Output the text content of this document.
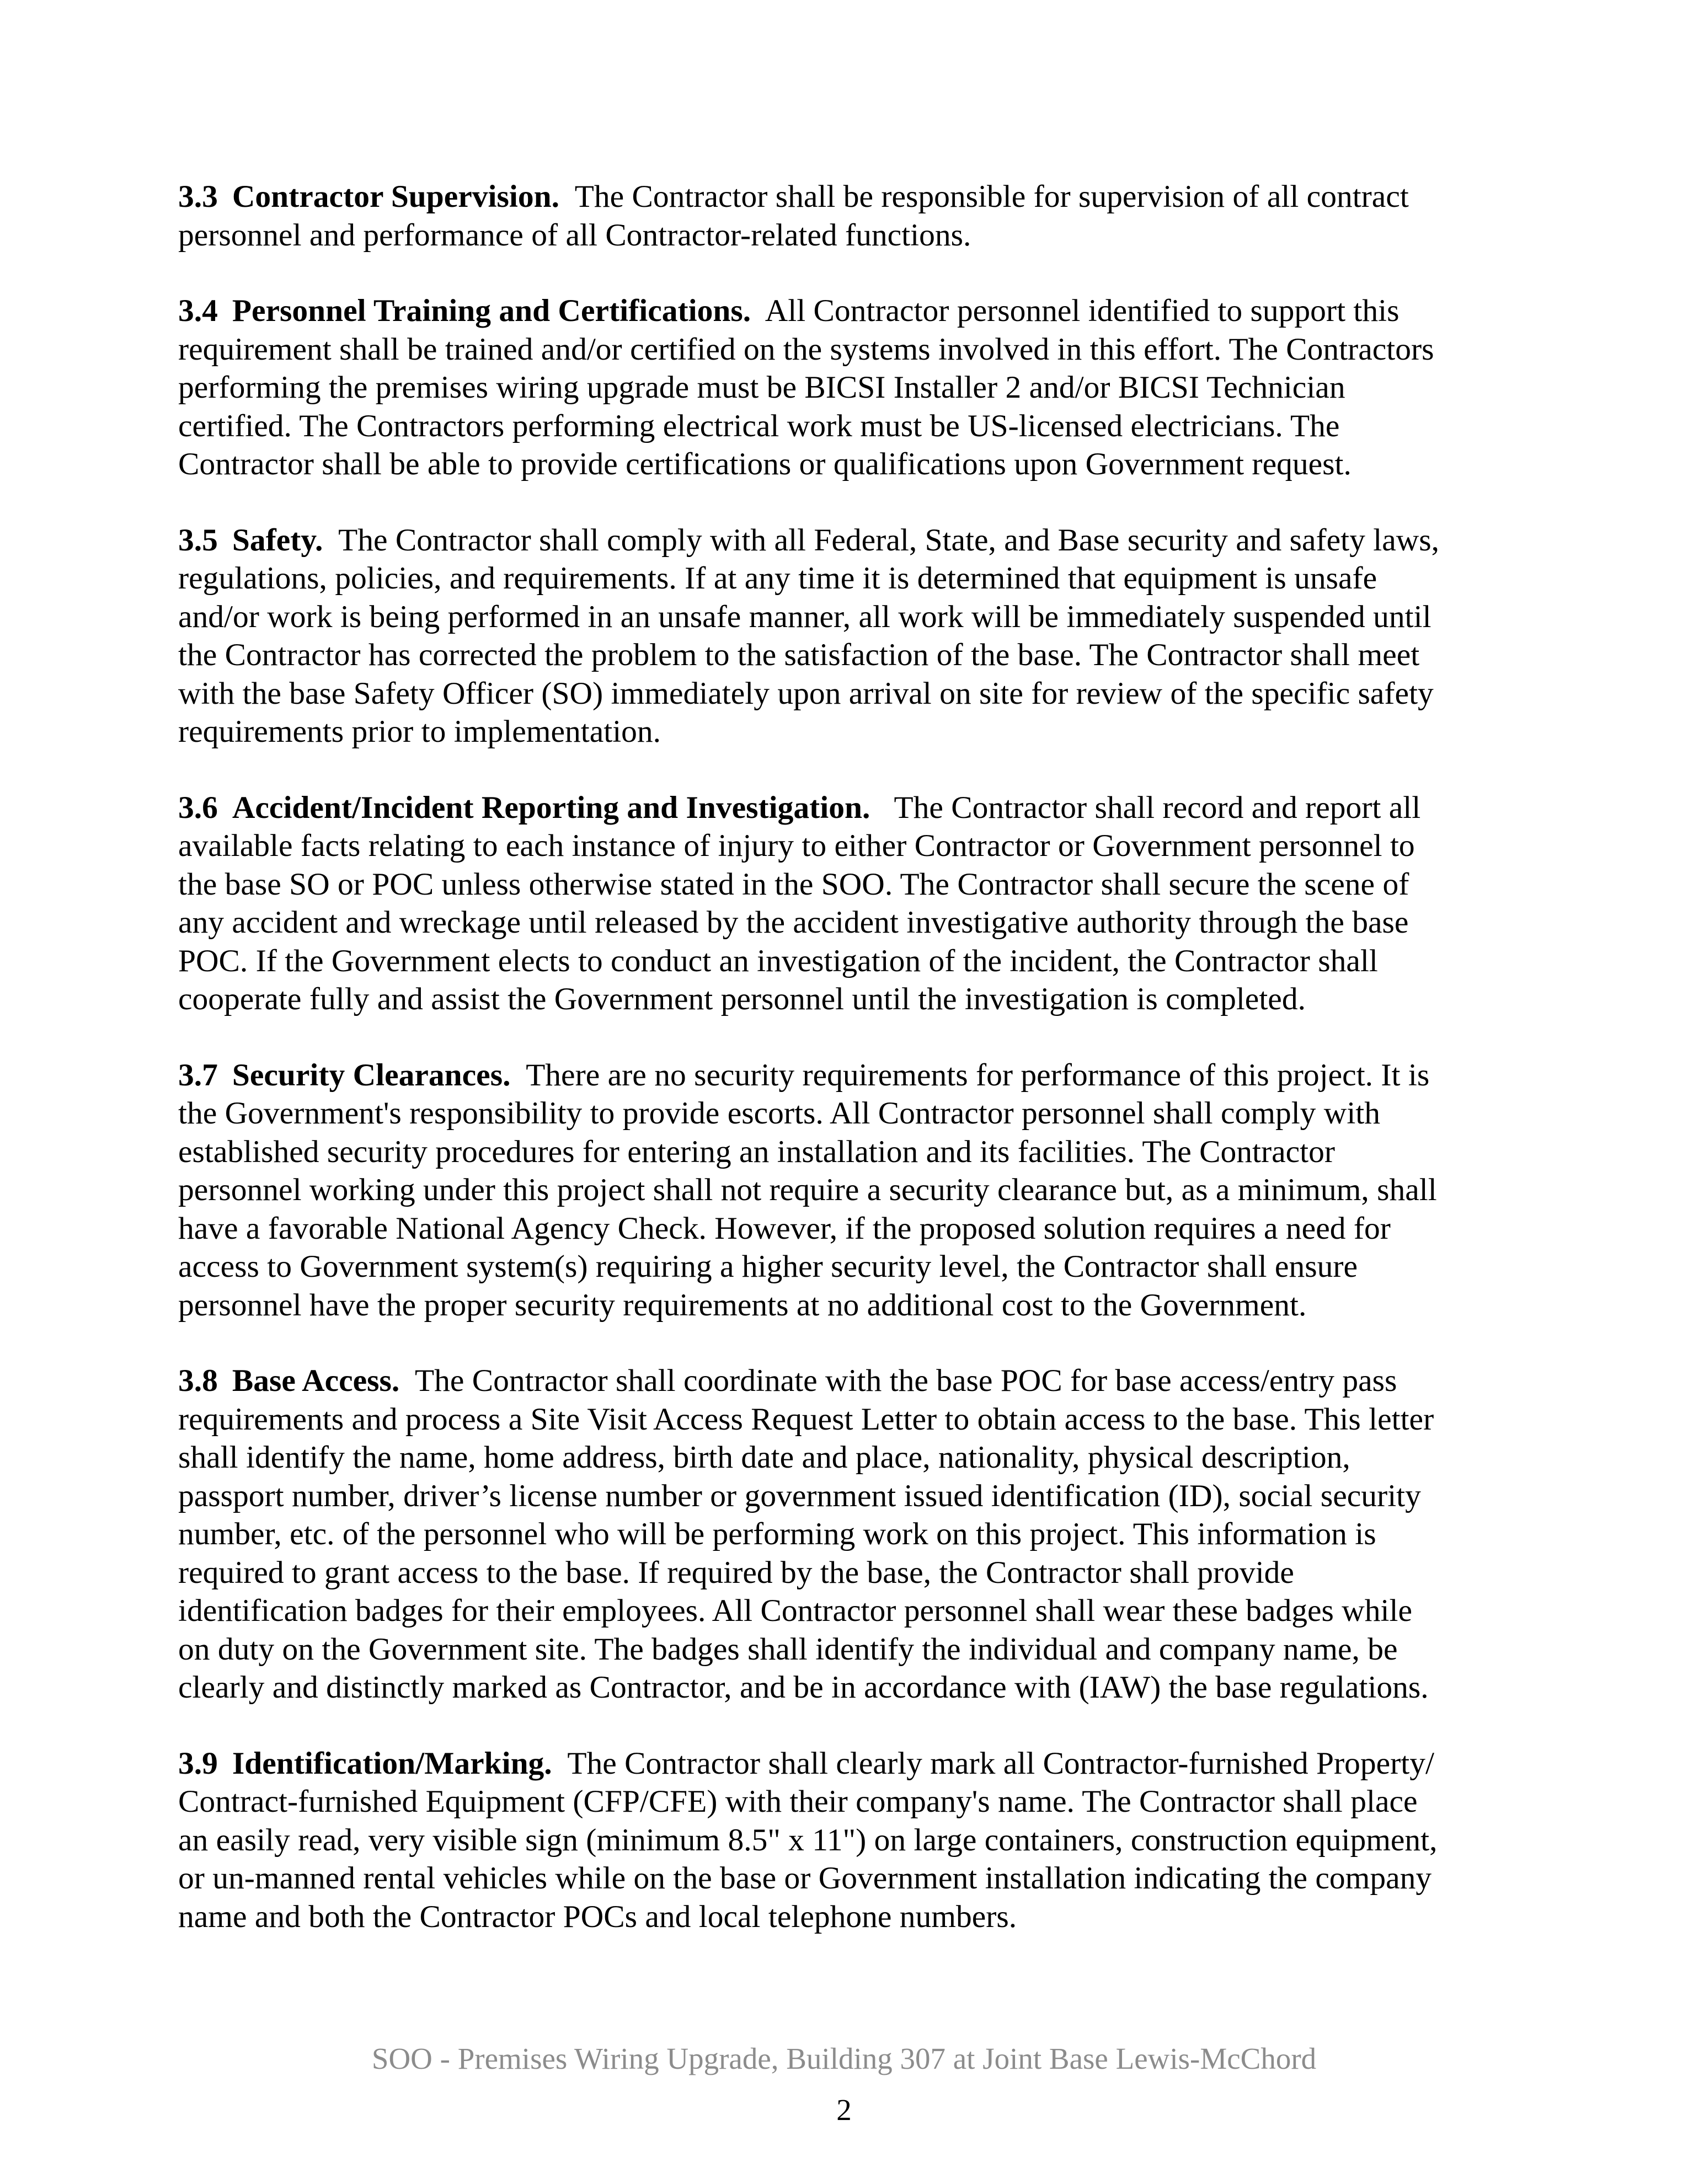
3.3 Contractor Supervision. The Contractor shall be responsible for supervision of all contract
personnel and performance of all Contractor-related functions.

3.4 Personnel Training and Certifications. All Contractor personnel identified to support this
requirement shall be trained and/or certified on the systems involved in this effort. The Contractors
performing the premises wiring upgrade must be BICSI Installer 2 and/or BICSI Technician
certified. The Contractors performing electrical work must be US-licensed electricians. The
Contractor shall be able to provide certifications or qualifications upon Government request.

3.5 Safety. The Contractor shall comply with all Federal, State, and Base security and safety laws,
regulations, policies, and requirements. If at any time it is determined that equipment is unsafe
and/or work is being performed in an unsafe manner, all work will be immediately suspended until
the Contractor has corrected the problem to the satisfaction of the base. The Contractor shall meet
with the base Safety Officer (SO) immediately upon arrival on site for review of the specific safety
requirements prior to implementation.

3.6 Accident/Incident Reporting and Investigation. The Contractor shall record and report all
available facts relating to each instance of injury to either Contractor or Government personnel to
the base SO or POC unless otherwise stated in the SOO. The Contractor shall secure the scene of
any accident and wreckage until released by the accident investigative authority through the base
POC. If the Government elects to conduct an investigation of the incident, the Contractor shall
cooperate fully and assist the Government personnel until the investigation is completed.

3.7 Security Clearances. There are no security requirements for performance of this project. It is
the Government's responsibility to provide escorts. All Contractor personnel shall comply with
established security procedures for entering an installation and its facilities. The Contractor
personnel working under this project shall not require a security clearance but, as a minimum, shall
have a favorable National Agency Check. However, if the proposed solution requires a need for
access to Government system(s) requiring a higher security level, the Contractor shall ensure
personnel have the proper security requirements at no additional cost to the Government.

3.8 Base Access. The Contractor shall coordinate with the base POC for base access/entry pass
requirements and process a Site Visit Access Request Letter to obtain access to the base. This letter
shall identify the name, home address, birth date and place, nationality, physical description,
passport number, driver’s license number or government issued identification (ID), social security
number, etc. of the personnel who will be performing work on this project. This information is
required to grant access to the base. If required by the base, the Contractor shall provide
identification badges for their employees. All Contractor personnel shall wear these badges while
on duty on the Government site. The badges shall identify the individual and company name, be
clearly and distinctly marked as Contractor, and be in accordance with (IAW) the base regulations.

3.9 Identification/Marking. The Contractor shall clearly mark all Contractor-furnished Property/
Contract-furnished Equipment (CFP/CFE) with their company's name. The Contractor shall place
an easily read, very visible sign (minimum 8.5" x 11") on large containers, construction equipment,
or un-manned rental vehicles while on the base or Government installation indicating the company
name and both the Contractor POCs and local telephone numbers.

SOO - Premises Wiring Upgrade, Building 307 at Joint Base Lewis-McChord
2
